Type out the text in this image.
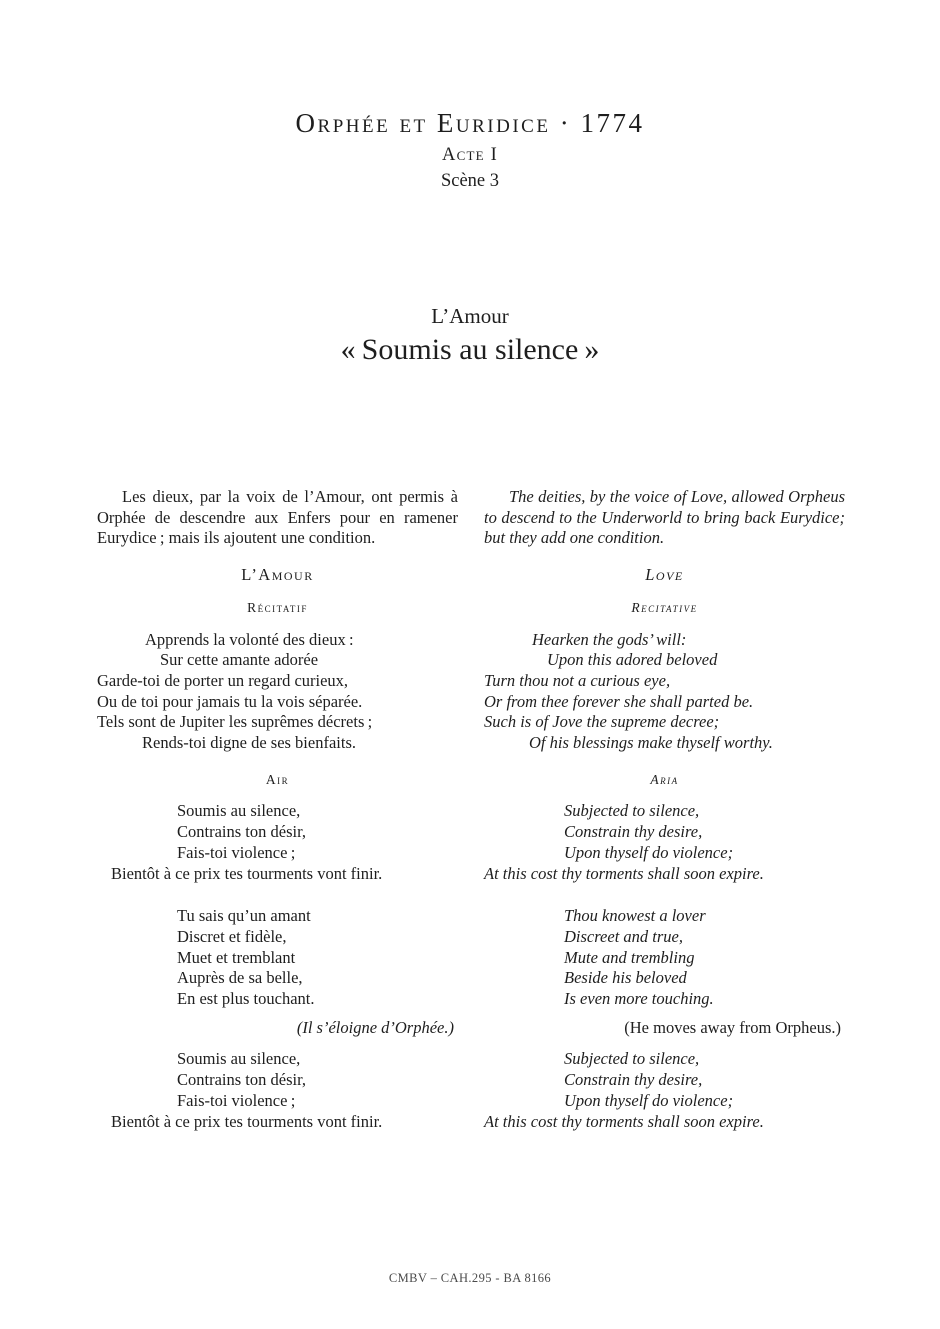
Orphée et Euridice · 1774
Acte I
Scène 3
L’Amour
« Soumis au silence »

Les dieux, par la voix de l’Amour, ont permis à Orphée de descendre aux Enfers pour en ramener Eurydice ; mais ils ajoutent une condition.

L’Amour
Récitatif
Apprends la volonté des dieux :
Sur cette amante adorée
Garde-toi de porter un regard curieux,
Ou de toi pour jamais tu la vois séparée.
Tels sont de Jupiter les suprêmes décrets ;
Rends-toi digne de ses bienfaits.
Air
Soumis au silence,
Contrains ton désir,
Fais-toi violence ;
Bientôt à ce prix tes tourments vont finir.
Tu sais qu’un amant
Discret et fidèle,
Muet et tremblant
Auprès de sa belle,
En est plus touchant.
(Il s’éloigne d’Orphée.)
Soumis au silence,
Contrains ton désir,
Fais-toi violence ;
Bientôt à ce prix tes tourments vont finir.

The deities, by the voice of Love, allowed Orpheus to descend to the Underworld to bring back Eurydice; but they add one condition.

Love
Recitative
Hearken the gods’ will:
Upon this adored beloved
Turn thou not a curious eye,
Or from thee forever she shall parted be.
Such is of Jove the supreme decree;
Of his blessings make thyself worthy.
Aria
Subjected to silence,
Constrain thy desire,
Upon thyself do violence;
At this cost thy torments shall soon expire.
Thou knowest a lover
Discreet and true,
Mute and trembling
Beside his beloved
Is even more touching.
(He moves away from Orpheus.)
Subjected to silence,
Constrain thy desire,
Upon thyself do violence;
At this cost thy torments shall soon expire.
CMBV – CAH.295 - BA 8166
